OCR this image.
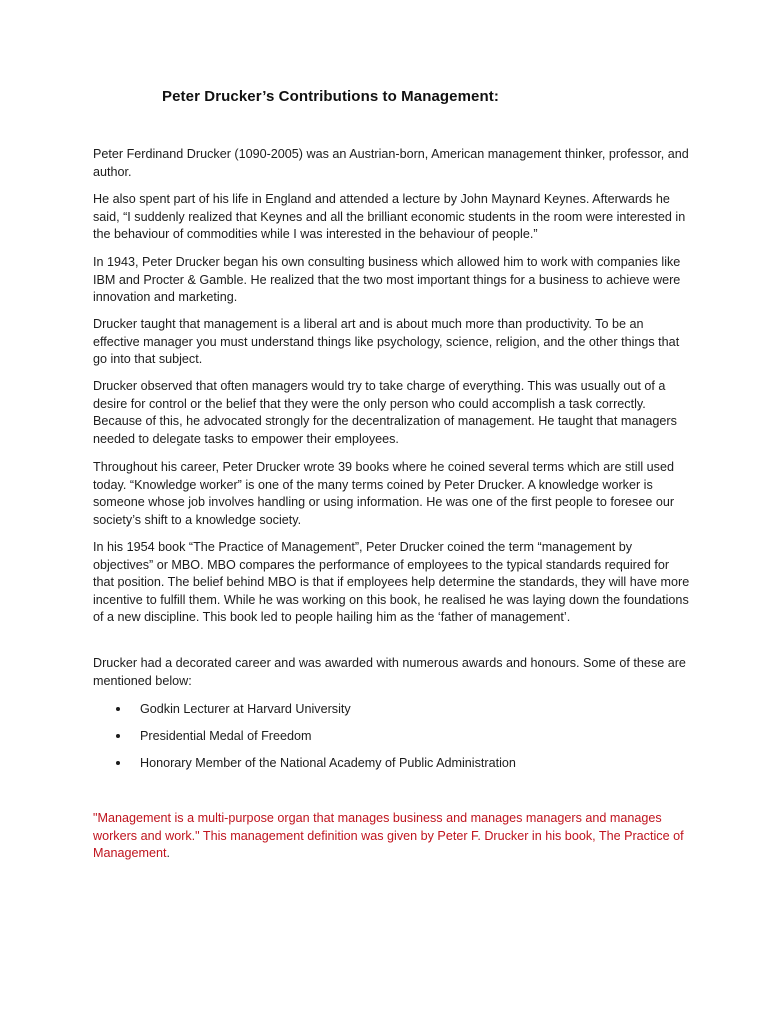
Peter Drucker’s Contributions to Management:

Peter Ferdinand Drucker (1090-2005) was an Austrian-born, American management thinker, professor, and author.

He also spent part of his life in England and attended a lecture by John Maynard Keynes. Afterwards he said, “I suddenly realized that Keynes and all the brilliant economic students in the room were interested in the behaviour of commodities while I was interested in the behaviour of people.”

In 1943, Peter Drucker began his own consulting business which allowed him to work with companies like IBM and Procter & Gamble. He realized that the two most important things for a business to achieve were innovation and marketing.

Drucker taught that management is a liberal art and is about much more than productivity. To be an effective manager you must understand things like psychology, science, religion, and the other things that go into that subject.

Drucker observed that often managers would try to take charge of everything. This was usually out of a desire for control or the belief that they were the only person who could accomplish a task correctly. Because of this, he advocated strongly for the decentralization of management. He taught that managers needed to delegate tasks to empower their employees.

Throughout his career, Peter Drucker wrote 39 books where he coined several terms which are still used today. “Knowledge worker” is one of the many terms coined by Peter Drucker. A knowledge worker is someone whose job involves handling or using information. He was one of the first people to foresee our society’s shift to a knowledge society.

In his 1954 book “The Practice of Management”, Peter Drucker coined the term “management by objectives” or MBO. MBO compares the performance of employees to the typical standards required for that position. The belief behind MBO is that if employees help determine the standards, they will have more incentive to fulfill them. While he was working on this book, he realised he was laying down the foundations of a new discipline. This book led to people hailing him as the ‘father of management’.

Drucker had a decorated career and was awarded with numerous awards and honours. Some of these are mentioned below:

Godkin Lecturer at Harvard University
Presidential Medal of Freedom
Honorary Member of the National Academy of Public Administration

"Management is a multi-purpose organ that manages business and manages managers and manages workers and work." This management definition was given by Peter F. Drucker in his book, The Practice of Management.
